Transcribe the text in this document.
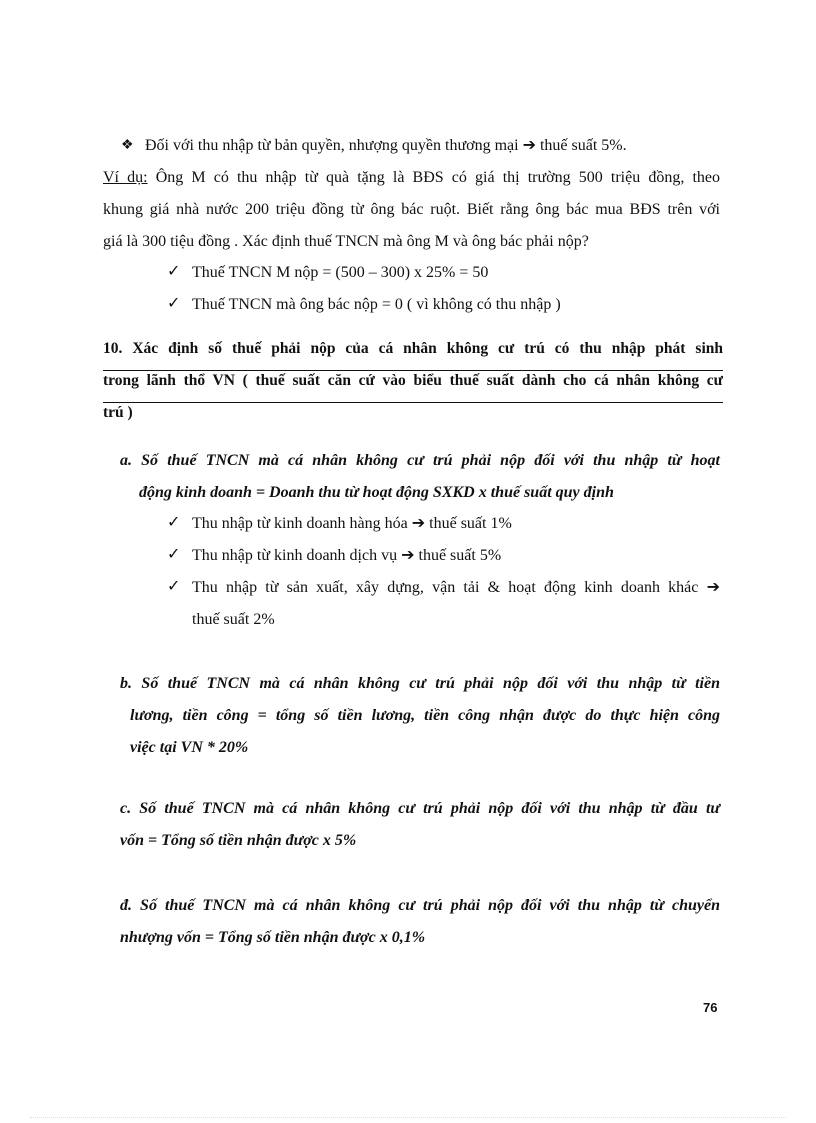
❖ Đối với thu nhập từ bản quyền, nhượng quyền thương mại ➔ thuế suất 5%.
Ví dụ: Ông M có thu nhập từ quà tặng là BĐS có giá thị trường 500 triệu đồng, theo
khung giá nhà nước 200 triệu đồng từ ông bác ruột. Biết rằng ông bác mua BĐS trên với
giá là 300 tiệu đồng . Xác định thuế TNCN mà ông M và ông bác phải nộp?
✓ Thuế TNCN M nộp = (500 – 300) x 25% = 50
✓ Thuế TNCN mà ông bác nộp = 0 ( vì không có thu nhập )
10. Xác định số thuế phải nộp của cá nhân không cư trú có thu nhập phát sinh
trong lãnh thổ VN ( thuế suất căn cứ vào biểu thuế suất dành cho cá nhân không cư
trú )
a. Số thuế TNCN mà cá nhân không cư trú phải nộp đối với thu nhập từ hoạt
động kinh doanh = Doanh thu từ hoạt động SXKD x thuế suất quy định
✓ Thu nhập từ kinh doanh hàng hóa ➔ thuế suất 1%
✓ Thu nhập từ kinh doanh dịch vụ ➔ thuế suất 5%
✓ Thu nhập từ sản xuất, xây dựng, vận tải & hoạt động kinh doanh khác ➔
thuế suất 2%
b. Số thuế TNCN mà cá nhân không cư trú phải nộp đối với thu nhập từ tiền
lương, tiền công = tổng số tiền lương, tiền công nhận được do thực hiện công
việc tại VN * 20%
c. Số thuế TNCN mà cá nhân không cư trú phải nộp đối với thu nhập từ đầu tư
vốn = Tổng số tiền nhận được x 5%
đ. Số thuế TNCN mà cá nhân không cư trú phải nộp đối với thu nhập từ chuyển
nhượng vốn = Tổng số tiền nhận được x 0,1%
76
